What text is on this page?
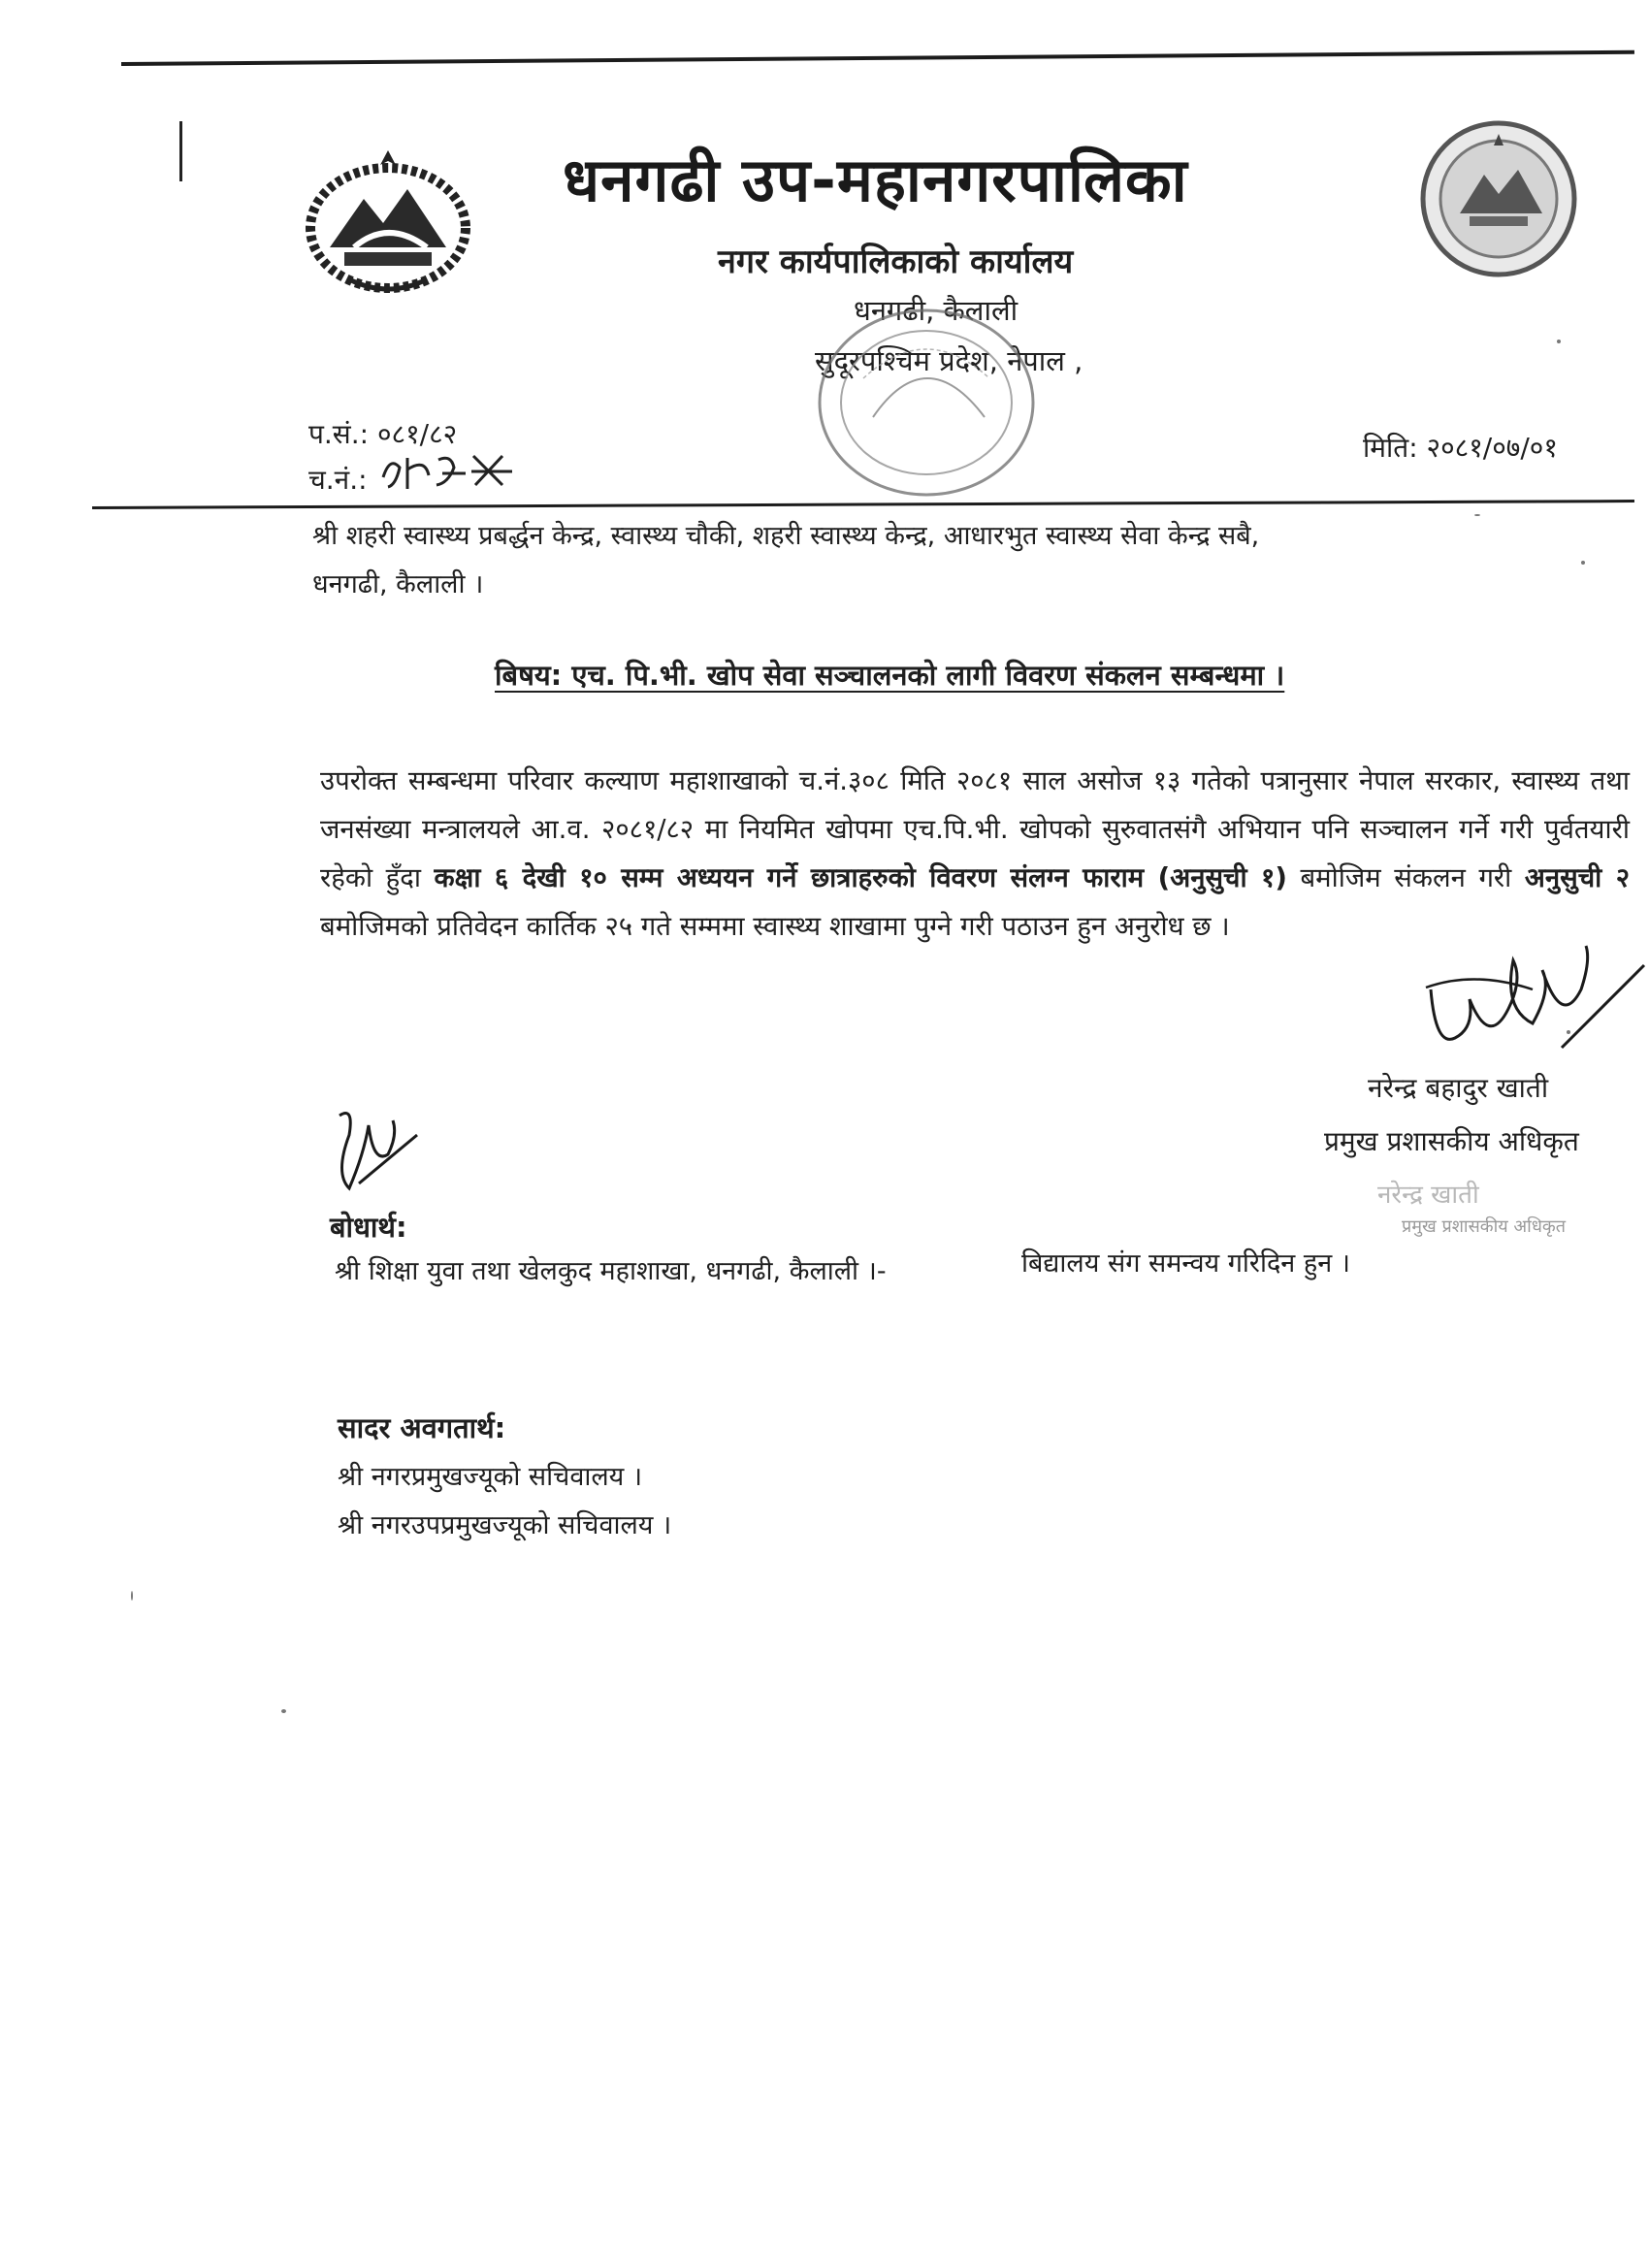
धनगढी उप-महानगरपालिका
नगर कार्यपालिकाको कार्यालय
धनगढी, कैलाली
सुदूरपश्चिम प्रदेश, नेपाल ,
प.सं.: ०८१/८२
च.नं.:
मिति: २०८१/०७/०१
श्री शहरी स्वास्थ्य प्रबर्द्धन केन्द्र, स्वास्थ्य चौकी, शहरी स्वास्थ्य केन्द्र, आधारभुत स्वास्थ्य सेवा केन्द्र सबै,
धनगढी, कैलाली ।
बिषय: एच. पि.भी. खोप सेवा सञ्चालनको लागी विवरण संकलन सम्बन्धमा ।
उपरोक्त सम्बन्धमा परिवार कल्याण महाशाखाको च.नं.३०८ मिति २०८१ साल असोज १३ गतेको पत्रानुसार नेपाल सरकार, स्वास्थ्य तथा जनसंख्या मन्त्रालयले आ.व. २०८१/८२ मा नियमित खोपमा एच.पि.भी. खोपको सुरुवातसंगै अभियान पनि सञ्चालन गर्ने गरी पुर्वतयारी रहेको हुँदा कक्षा ६ देखी १० सम्म अध्ययन गर्ने छात्राहरुको विवरण संलग्न फाराम (अनुसुची १) बमोजिम संकलन गरी अनुसुची २ बमोजिमको प्रतिवेदन कार्तिक २५ गते सम्ममा स्वास्थ्य शाखामा पुग्ने गरी पठाउन हुन अनुरोध छ ।
नरेन्द्र बहादुर खाती
प्रमुख प्रशासकीय अधिकृत
नरेन्द्र खाती
प्रमुख प्रशासकीय अधिकृत
बोधार्थ:
श्री शिक्षा युवा तथा खेलकुद महाशाखा, धनगढी, कैलाली ।-	बिद्यालय संग समन्वय गरिदिन हुन ।
सादर अवगतार्थ:
श्री नगरप्रमुखज्यूको सचिवालय ।
श्री नगरउपप्रमुखज्यूको सचिवालय ।
